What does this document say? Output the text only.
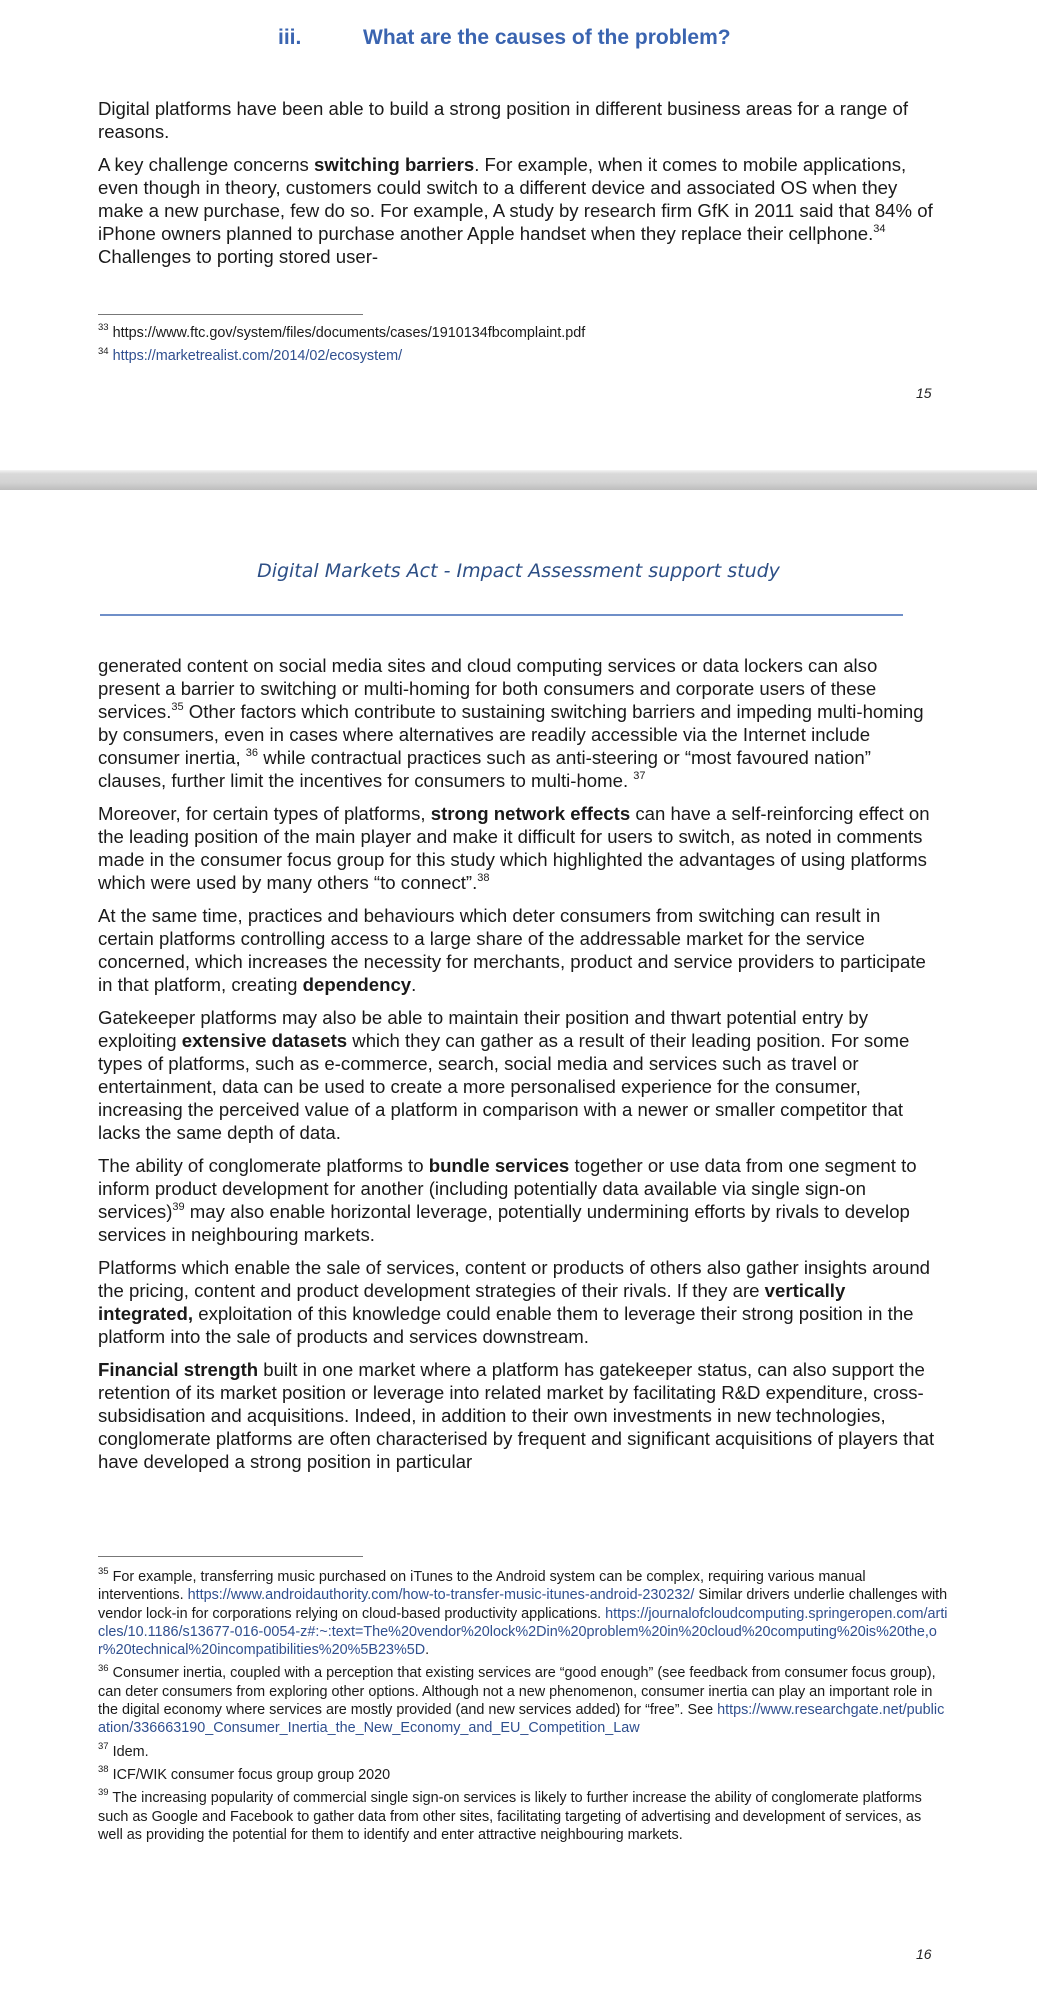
iii.	What are the causes of the problem?

Digital platforms have been able to build a strong position in different business areas for a range of reasons.

A key challenge concerns switching barriers. For example, when it comes to mobile applications, even though in theory, customers could switch to a different device and associated OS when they make a new purchase, few do so. For example, A study by research firm GfK in 2011 said that 84% of iPhone owners planned to purchase another Apple handset when they replace their cellphone.$^{34}$ Challenges to porting stored user-

$^{33}$ https://www.ftc.gov/system/files/documents/cases/1910134fbcomplaint.pdf

$^{34}$ https://marketrealist.com/2014/02/ecosystem/

15
Digital Markets Act - Impact Assessment support study

generated content on social media sites and cloud computing services or data lockers can also present a barrier to switching or multi-homing for both consumers and corporate users of these services.$^{35}$ Other factors which contribute to sustaining switching barriers and impeding multi-homing by consumers, even in cases where alternatives are readily accessible via the Internet include consumer inertia, $^{36}$ while contractual practices such as anti-steering or “most favoured nation” clauses, further limit the incentives for consumers to multi-home. $^{37}$

Moreover, for certain types of platforms, strong network effects can have a self-reinforcing effect on the leading position of the main player and make it difficult for users to switch, as noted in comments made in the consumer focus group for this study which highlighted the advantages of using platforms which were used by many others “to connect”.$^{38}$

At the same time, practices and behaviours which deter consumers from switching can result in certain platforms controlling access to a large share of the addressable market for the service concerned, which increases the necessity for merchants, product and service providers to participate in that platform, creating dependency.

Gatekeeper platforms may also be able to maintain their position and thwart potential entry by exploiting extensive datasets which they can gather as a result of their leading position. For some types of platforms, such as e-commerce, search, social media and services such as travel or entertainment, data can be used to create a more personalised experience for the consumer, increasing the perceived value of a platform in comparison with a newer or smaller competitor that lacks the same depth of data.

The ability of conglomerate platforms to bundle services together or use data from one segment to inform product development for another (including potentially data available via single sign-on services)$^{39}$ may also enable horizontal leverage, potentially undermining efforts by rivals to develop services in neighbouring markets.

Platforms which enable the sale of services, content or products of others also gather insights around the pricing, content and product development strategies of their rivals. If they are vertically integrated, exploitation of this knowledge could enable them to leverage their strong position in the platform into the sale of products and services downstream.

Financial strength built in one market where a platform has gatekeeper status, can also support the retention of its market position or leverage into related market by facilitating R&D expenditure, cross-subsidisation and acquisitions. Indeed, in addition to their own investments in new technologies, conglomerate platforms are often characterised by frequent and significant acquisitions of players that have developed a strong position in particular

$^{35}$ For example, transferring music purchased on iTunes to the Android system can be complex, requiring various manual interventions. https://www.androidauthority.com/how-to-transfer-music-itunes-android-230232/ Similar drivers underlie challenges with vendor lock-in for corporations relying on cloud-based productivity applications. https://journalofcloudcomputing.springeropen.com/articles/10.1186/s13677-016-0054-z#:~:text=The%20vendor%20lock%2Din%20problem%20in%20cloud%20computing%20is%20the,or%20technical%20incompatibilities%20%5B23%5D.

$^{36}$ Consumer inertia, coupled with a perception that existing services are “good enough” (see feedback from consumer focus group), can deter consumers from exploring other options. Although not a new phenomenon, consumer inertia can play an important role in the digital economy where services are mostly provided (and new services added) for “free”. See https://www.researchgate.net/publication/336663190_Consumer_Inertia_the_New_Economy_and_EU_Competition_Law

$^{37}$ Idem.

$^{38}$ ICF/WIK consumer focus group group 2020

$^{39}$ The increasing popularity of commercial single sign-on services is likely to further increase the ability of conglomerate platforms such as Google and Facebook to gather data from other sites, facilitating targeting of advertising and development of services, as well as providing the potential for them to identify and enter attractive neighbouring markets.

16
